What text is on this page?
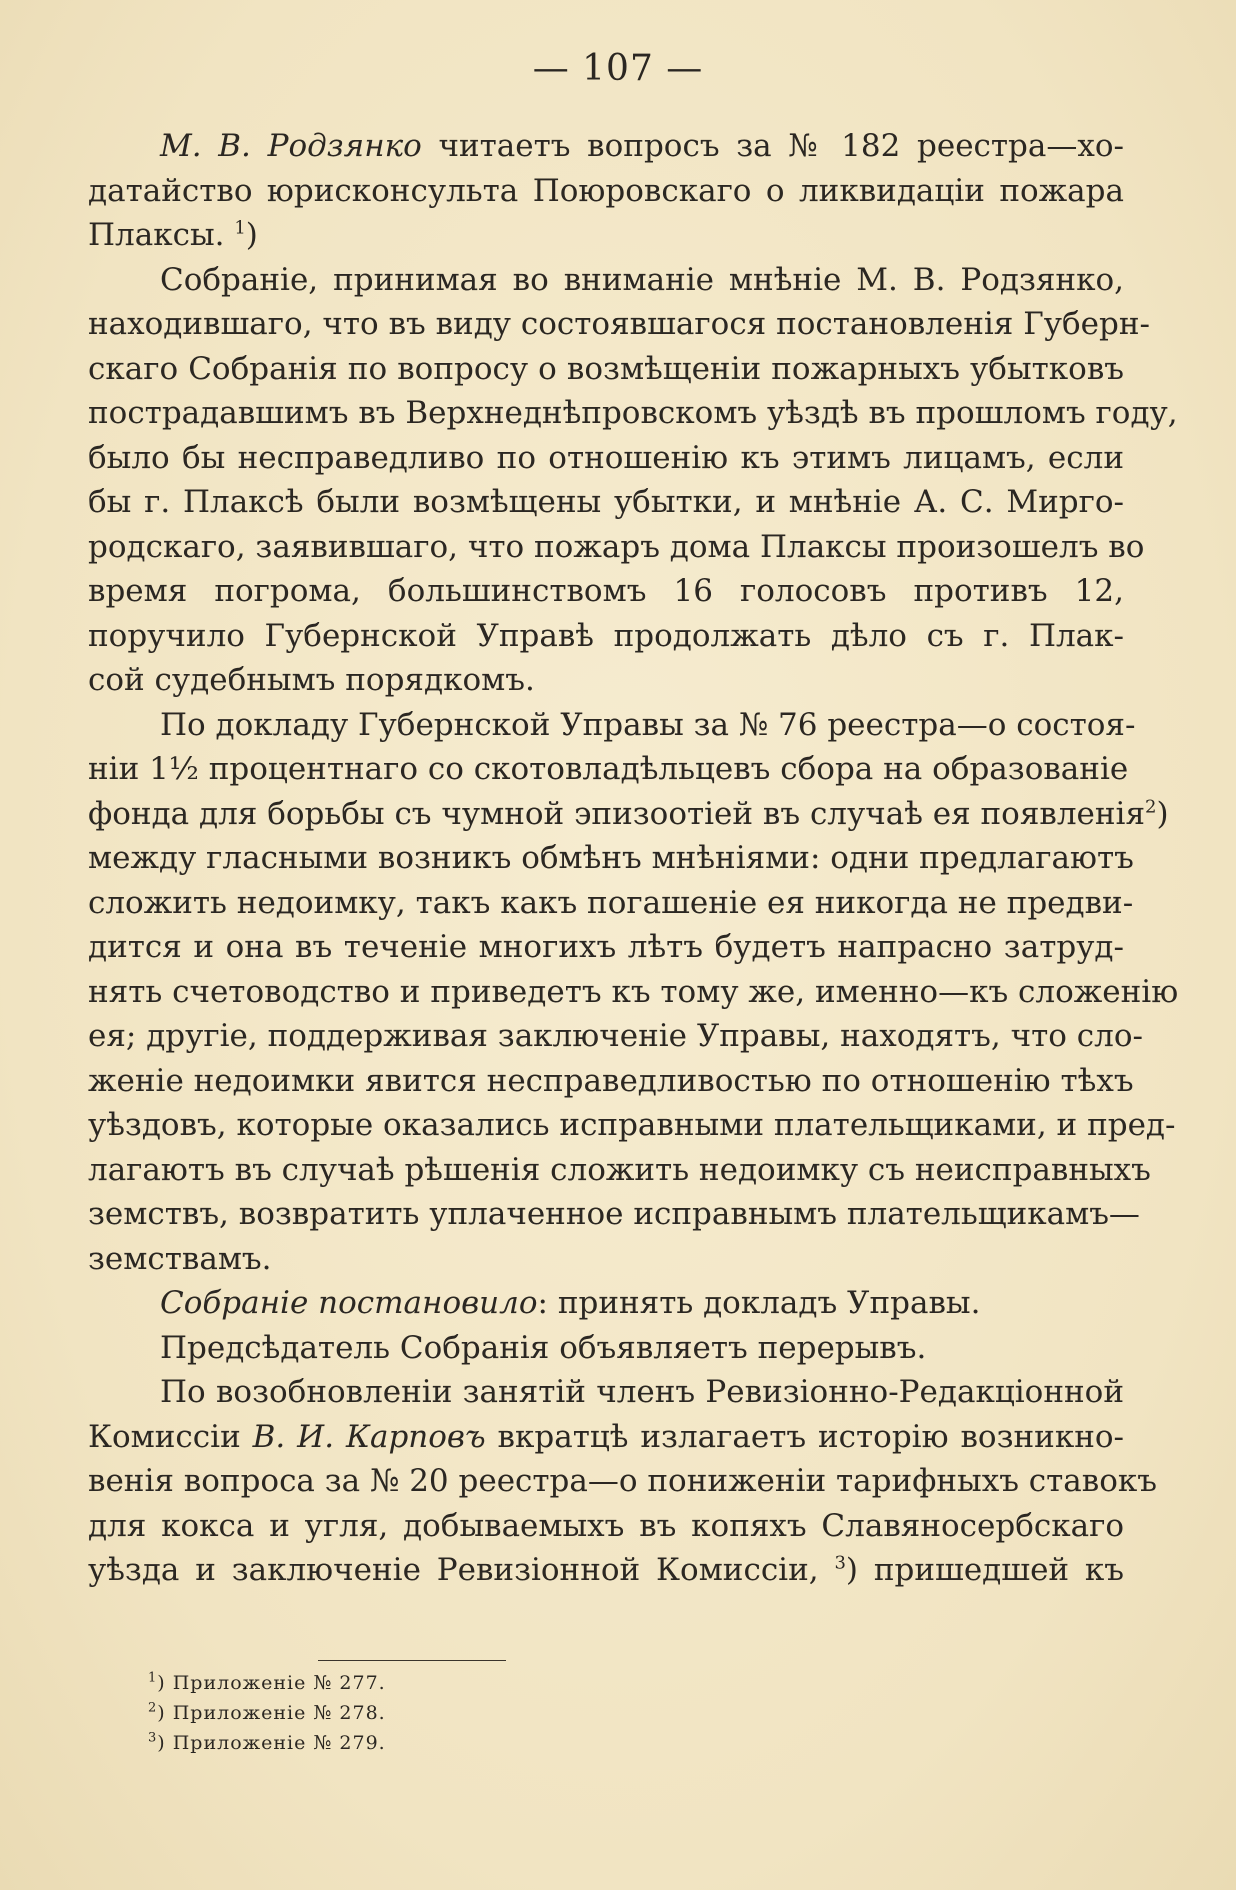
— 107 —
М. В. Родзянко читаетъ вопросъ за № 182 реестра—хо-
датайство юрисконсульта Поюровскаго о ликвидаціи пожара
Плаксы. $^1$)
Собраніе, принимая во вниманіе мнѣніе М. В. Родзянко,
находившаго, что въ виду состоявшагося постановленія Губерн-
скаго Собранія по вопросу о возмѣщеніи пожарныхъ убытковъ
пострадавшимъ въ Верхнеднѣпровскомъ уѣздѣ въ прошломъ году,
было бы несправедливо по отношенію къ этимъ лицамъ, если
бы г. Плаксѣ были возмѣщены убытки, и мнѣніе А. С. Мирго-
родскаго, заявившаго, что пожаръ дома Плаксы произошелъ во
время погрома, большинствомъ 16 голосовъ противъ 12,
поручило Губернской Управѣ продолжать дѣло съ г. Плак-
сой судебнымъ порядкомъ.
По докладу Губернской Управы за № 76 реестра—о состоя-
ніи 1½ процентнаго со скотовладѣльцевъ сбора на образованіе
фонда для борьбы съ чумной эпизоотіей въ случаѣ ея появленія$^2$)
между гласными возникъ обмѣнъ мнѣніями: одни предлагаютъ
сложить недоимку, такъ какъ погашеніе ея никогда не предви-
дится и она въ теченіе многихъ лѣтъ будетъ напрасно затруд-
нять счетоводство и приведетъ къ тому же, именно—къ сложенію
ея; другіе, поддерживая заключеніе Управы, находятъ, что сло-
женіе недоимки явится несправедливостью по отношенію тѣхъ
уѣздовъ, которые оказались исправными плательщиками, и пред-
лагаютъ въ случаѣ рѣшенія сложить недоимку съ неисправныхъ
земствъ, возвратить уплаченное исправнымъ плательщикамъ—
земствамъ.
Собраніе постановило: принять докладъ Управы.
Предсѣдатель Собранія объявляетъ перерывъ.
По возобновленіи занятій членъ Ревизіонно-Редакціонной
Комиссіи В. И. Карповъ вкратцѣ излагаетъ исторію возникно-
венія вопроса за № 20 реестра—о пониженіи тарифныхъ ставокъ
для кокса и угля, добываемыхъ въ копяхъ Славяносербскаго
уѣзда и заключеніе Ревизіонной Комиссіи, $^3$) пришедшей къ
$^1$) Приложеніе № 277.
$^2$) Приложеніе № 278.
$^3$) Приложеніе № 279.
